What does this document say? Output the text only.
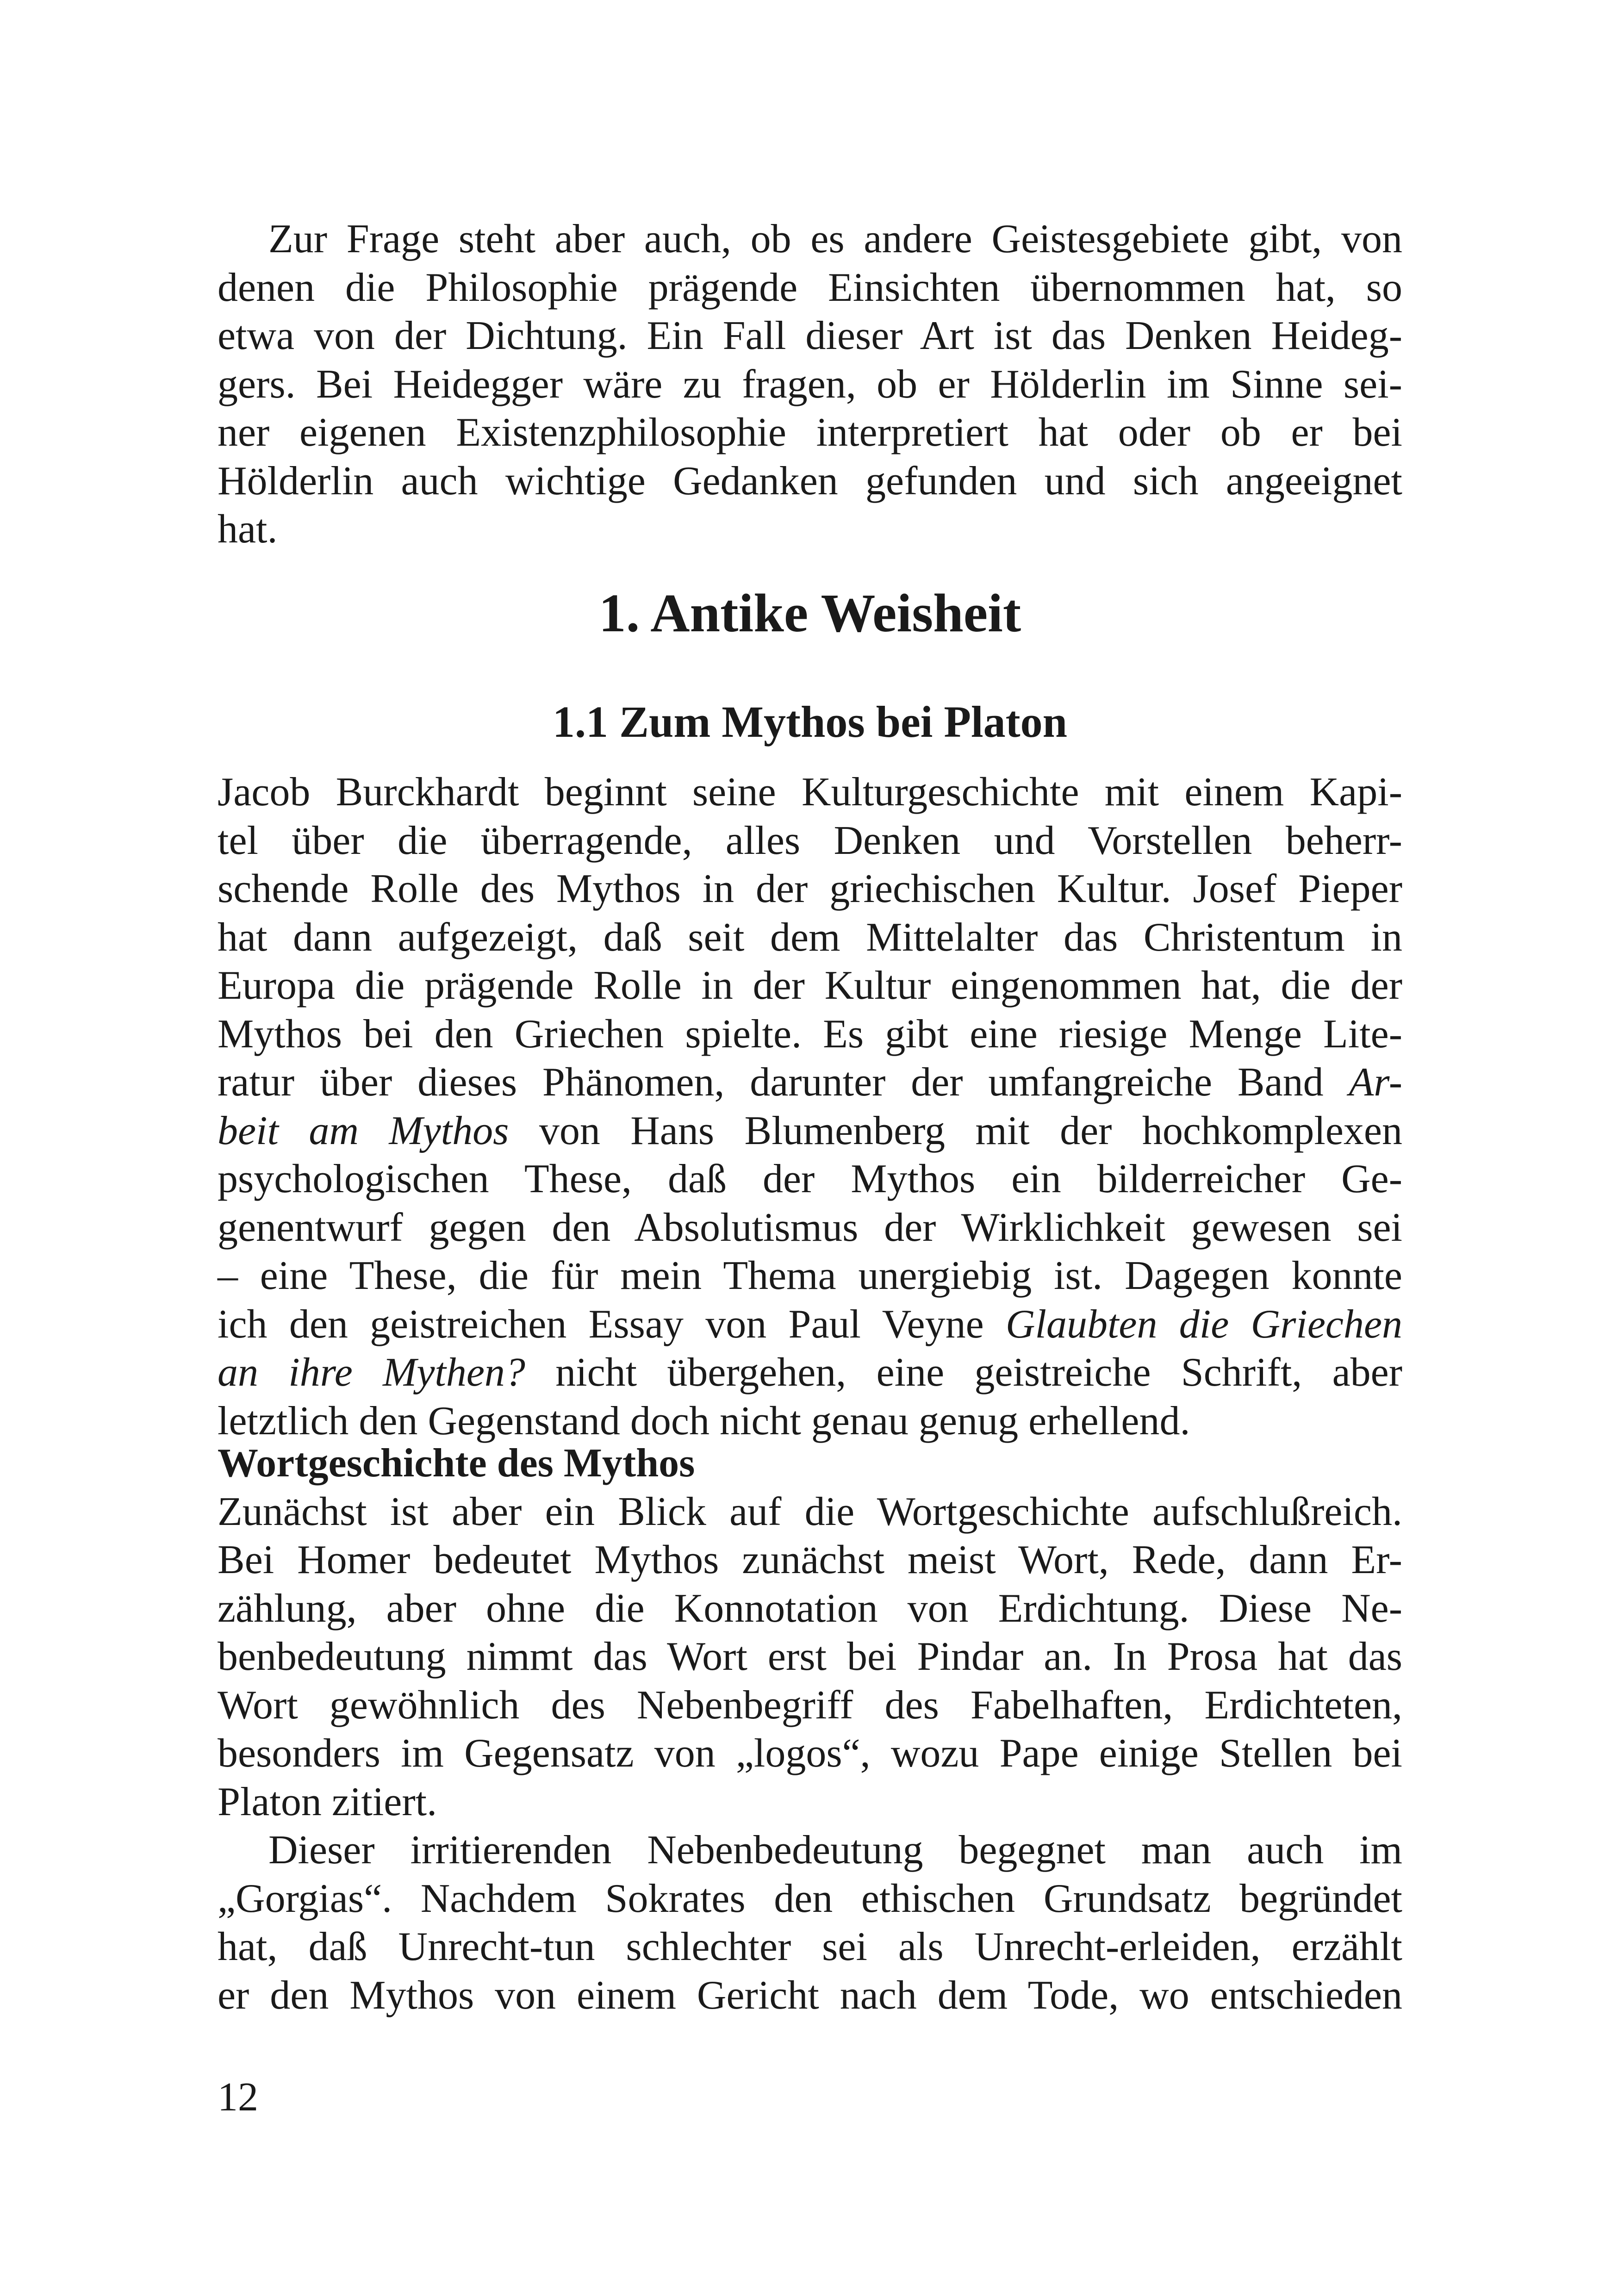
Zur Frage steht aber auch, ob es andere Geistesgebiete gibt, von
denen die Philosophie prägende Einsichten übernommen hat, so
etwa von der Dichtung. Ein Fall dieser Art ist das Denken Heideg-
gers. Bei Heidegger wäre zu fragen, ob er Hölderlin im Sinne sei-
ner eigenen Existenzphilosophie interpretiert hat oder ob er bei
Hölderlin auch wichtige Gedanken gefunden und sich angeeignet
hat.
1. Antike Weisheit
1.1 Zum Mythos bei Platon
Jacob Burckhardt beginnt seine Kulturgeschichte mit einem Kapi-
tel über die überragende, alles Denken und Vorstellen beherr-
schende Rolle des Mythos in der griechischen Kultur. Josef Pieper
hat dann aufgezeigt, daß seit dem Mittelalter das Christentum in
Europa die prägende Rolle in der Kultur eingenommen hat, die der
Mythos bei den Griechen spielte. Es gibt eine riesige Menge Lite-
ratur über dieses Phänomen, darunter der umfangreiche Band Ar-
beit am Mythos von Hans Blumenberg mit der hochkomplexen
psychologischen These, daß der Mythos ein bilderreicher Ge-
genentwurf gegen den Absolutismus der Wirklichkeit gewesen sei
– eine These, die für mein Thema unergiebig ist. Dagegen konnte
ich den geistreichen Essay von Paul Veyne Glaubten die Griechen
an ihre Mythen? nicht übergehen, eine geistreiche Schrift, aber
letztlich den Gegenstand doch nicht genau genug erhellend.
Wortgeschichte des Mythos
Zunächst ist aber ein Blick auf die Wortgeschichte aufschlußreich.
Bei Homer bedeutet Mythos zunächst meist Wort, Rede, dann Er-
zählung, aber ohne die Konnotation von Erdichtung. Diese Ne-
benbedeutung nimmt das Wort erst bei Pindar an. In Prosa hat das
Wort gewöhnlich des Nebenbegriff des Fabelhaften, Erdichteten,
besonders im Gegensatz von „logos“, wozu Pape einige Stellen bei
Platon zitiert.
Dieser irritierenden Nebenbedeutung begegnet man auch im
„Gorgias“. Nachdem Sokrates den ethischen Grundsatz begründet
hat, daß Unrecht-tun schlechter sei als Unrecht-erleiden, erzählt
er den Mythos von einem Gericht nach dem Tode, wo entschieden
12
